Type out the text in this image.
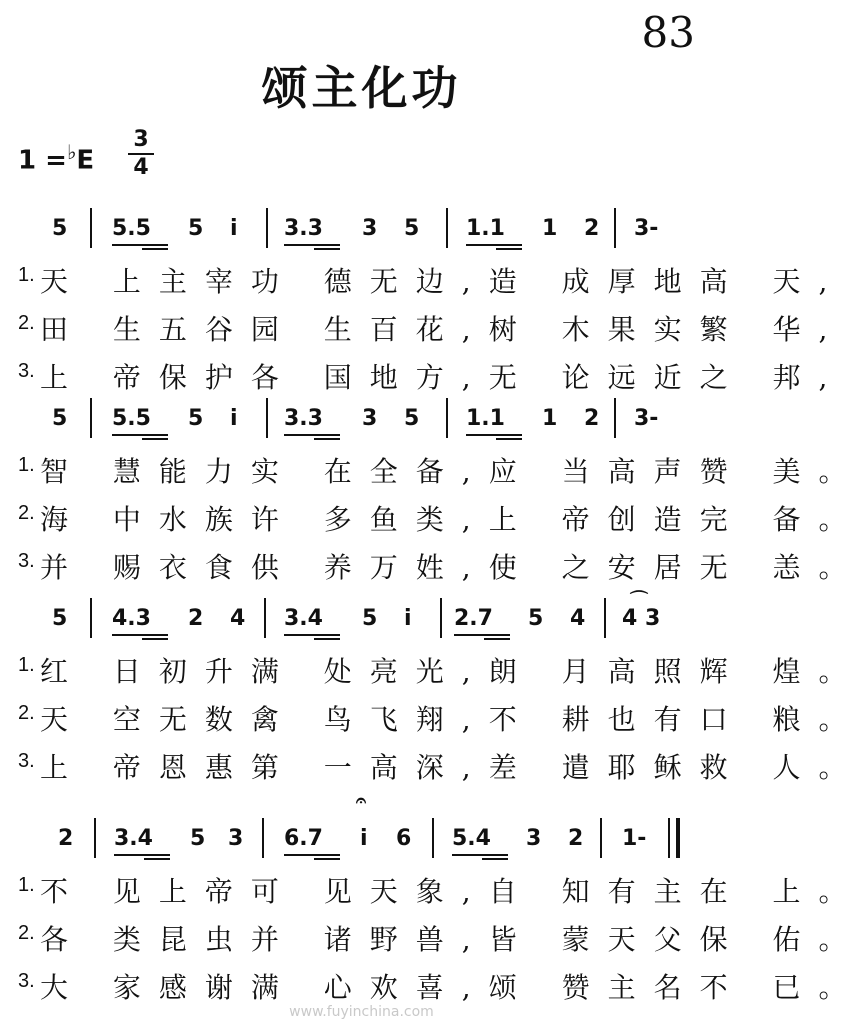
83
颂主化功
1 =♭E
3
4
5 5.5 5 i 3.3 3 5 1.1 1 2 3-
1. 天 上主宰功 德无边,造 成厚地高 天,
2. 田 生五谷园 生百花,树 木果实繁 华,
3. 上 帝保护各 国地方,无 论远近之 邦,
5 5.5 5 i 3.3 3 5 1.1 1 2 3-
1. 智 慧能力实 在全备,应 当高声赞 美。
2. 海 中水族许 多鱼类,上 帝创造完 备。
3. 并 赐衣食供 养万姓,使 之安居无 恙。
5 4.3 2 4 3.4 5 i 2.7 5 4 4 3
⌒
1. 红 日初升满 处亮光,朗 月高照辉 煌。
2. 天 空无数禽 鸟飞翔,不 耕也有口 粮。
3. 上 帝恩惠第 一高深,差 遣耶稣救 人。
𝄐
2 3.4 5 3 6.7 i 6 5.4 3 2 1-
1. 不 见上帝可 见天象,自 知有主在 上。
2. 各 类昆虫并 诸野兽,皆 蒙天父保 佑。
3. 大 家感谢满 心欢喜,颂 赞主名不 已。
www.fuyinchina.com
